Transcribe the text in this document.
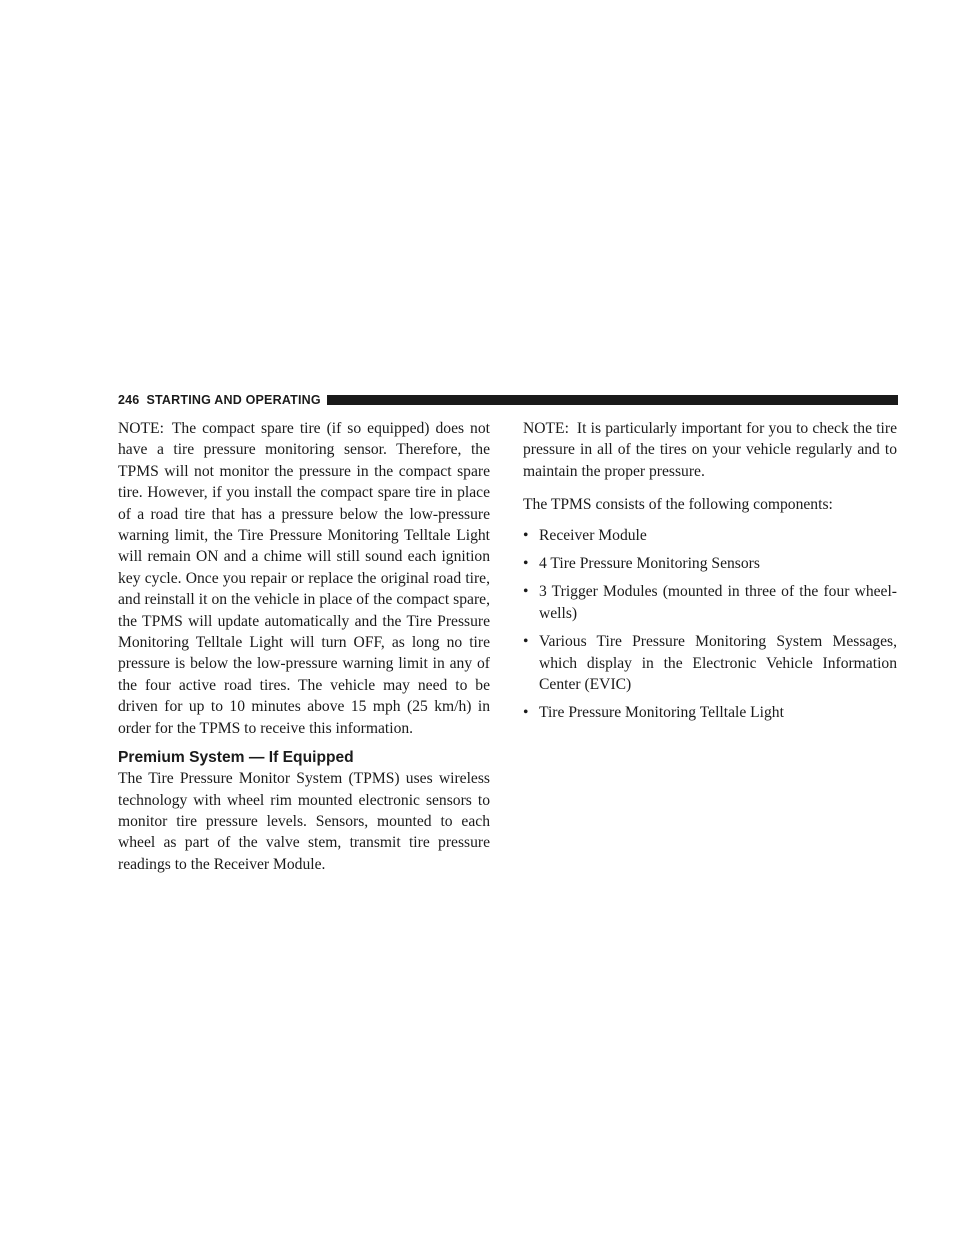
246 STARTING AND OPERATING

NOTE: The compact spare tire (if so equipped) does not have a tire pressure monitoring sensor. Therefore, the TPMS will not monitor the pressure in the compact spare tire. However, if you install the compact spare tire in place of a road tire that has a pressure below the low-pressure warning limit, the Tire Pressure Monitoring Telltale Light will remain ON and a chime will still sound each ignition key cycle. Once you repair or replace the original road tire, and reinstall it on the vehicle in place of the compact spare, the TPMS will update automatically and the Tire Pressure Monitoring Telltale Light will turn OFF, as long no tire pressure is below the low-pressure warning limit in any of the four active road tires. The vehicle may need to be driven for up to 10 minutes above 15 mph (25 km/h) in order for the TPMS to receive this information.

Premium System — If Equipped

The Tire Pressure Monitor System (TPMS) uses wireless technology with wheel rim mounted electronic sensors to monitor tire pressure levels. Sensors, mounted to each wheel as part of the valve stem, transmit tire pressure readings to the Receiver Module.

NOTE: It is particularly important for you to check the tire pressure in all of the tires on your vehicle regularly and to maintain the proper pressure.

The TPMS consists of the following components:

• Receiver Module
• 4 Tire Pressure Monitoring Sensors
• 3 Trigger Modules (mounted in three of the four wheel-wells)
• Various Tire Pressure Monitoring System Messages, which display in the Electronic Vehicle Information Center (EVIC)
• Tire Pressure Monitoring Telltale Light
